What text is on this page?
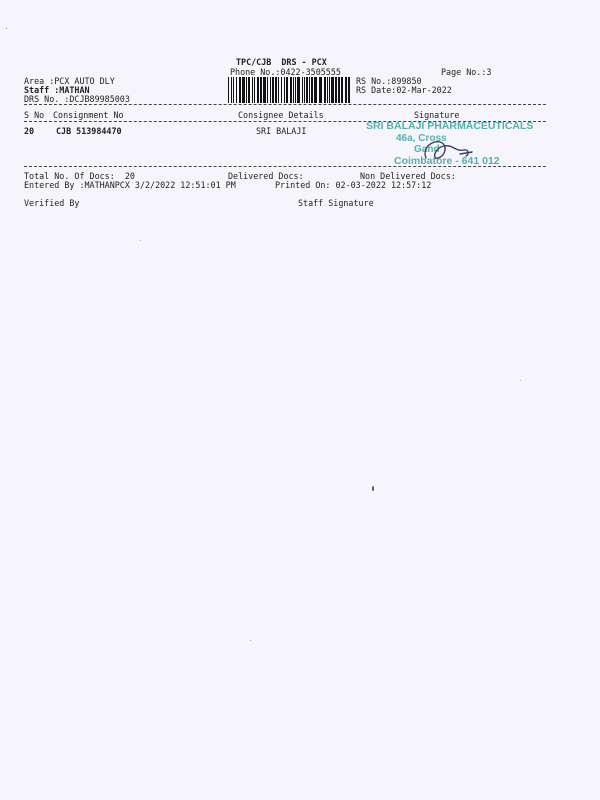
TPC/CJB  DRS - PCX
Phone No.:0422-3505555	Page No.:3
Area :PCX AUTO DLY
Staff :MATHAN
DRS No. :DCJB89985003
RS No.:899850
RS Date:02-Mar-2022
S No Consignment No	Consignee Details	Signature
20	CJB 513984470	SRI BALAJI	SRI BALAJI PHARMACEUTICALS
46a, Cross
Gand
Coimbatore - 641 012
Total No. Of Docs:  20	Delivered Docs:	Non Delivered Docs:
Entered By :MATHANPCX 3/2/2022 12:51:01 PM	Printed On: 02-03-2022 12:57:12
Verified By	Staff Signature
